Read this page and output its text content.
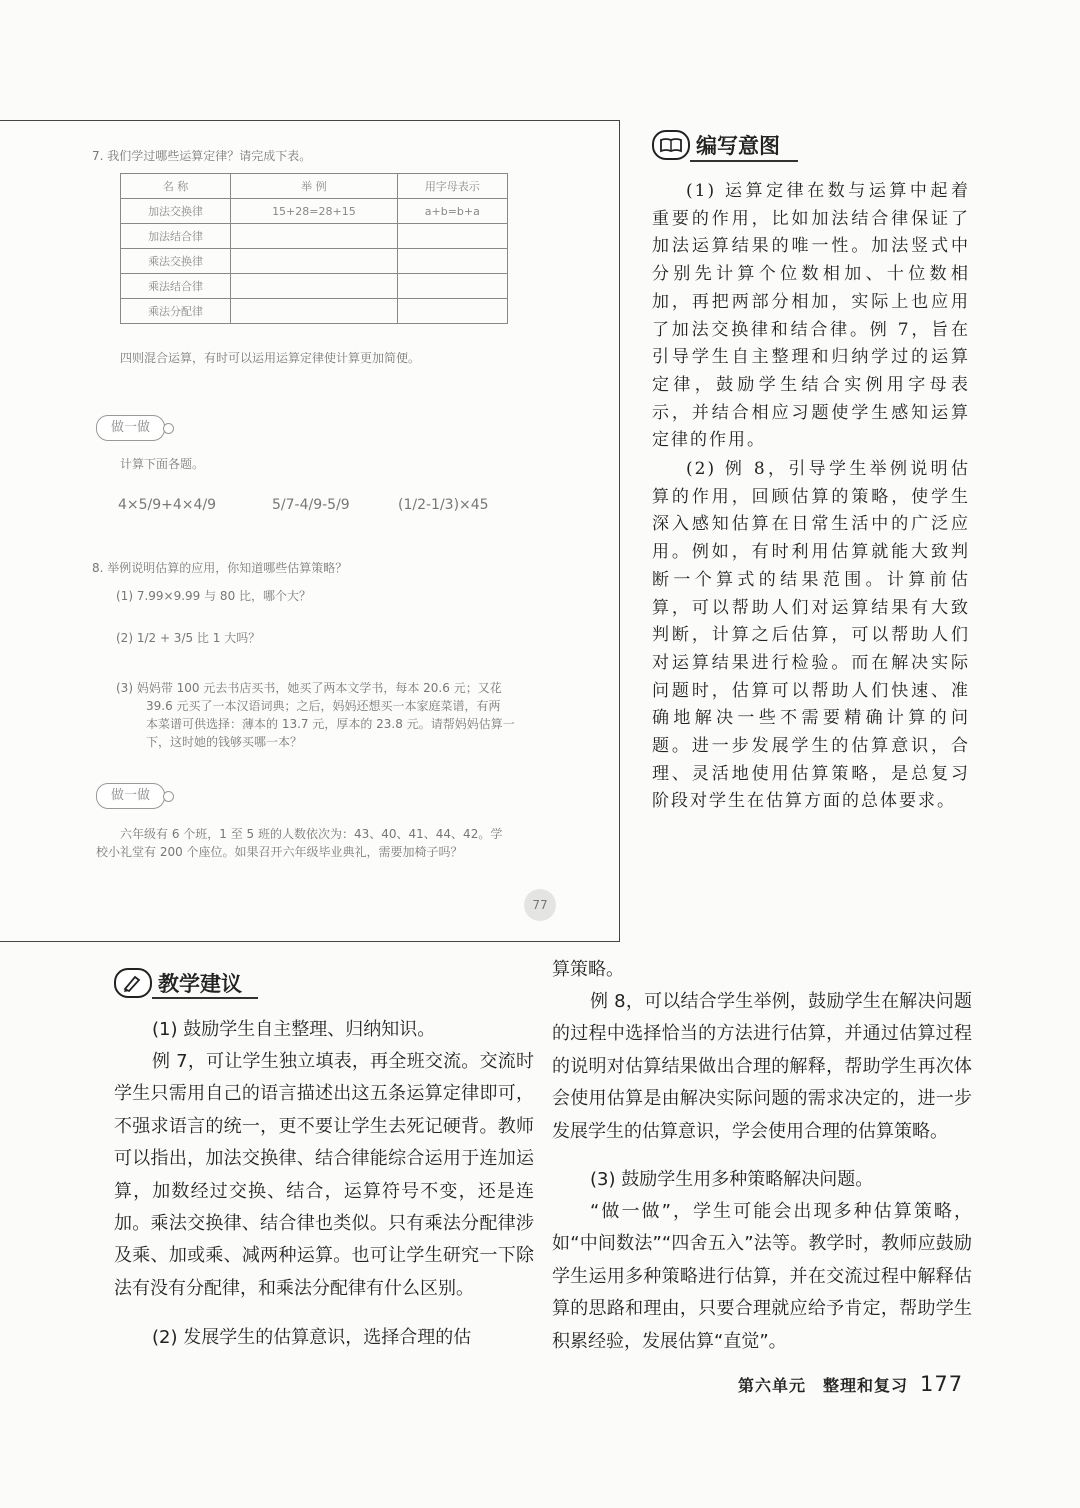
7. 我们学过哪些运算定律？请完成下表。
名 称	举 例	用字母表示
加法交换律	15+28=28+15	a+b=b+a
加法结合律		
乘法交换律		
乘法结合律		
乘法分配律		
四则混合运算，有时可以运用运算定律使计算更加简便。
做一做
计算下面各题。
4×5/9+4×4/9	5/7-4/9-5/9	(1/2-1/3)×45
8. 举例说明估算的应用，你知道哪些估算策略？
(1) 7.99×9.99 与 80 比，哪个大？
(2) 1/2 + 3/5 比 1 大吗？
(3) 妈妈带 100 元去书店买书，她买了两本文学书，每本 20.6 元；又花
39.6 元买了一本汉语词典；之后，妈妈还想买一本家庭菜谱，有两
本菜谱可供选择：薄本的 13.7 元，厚本的 23.8 元。请帮妈妈估算一
下，这时她的钱够买哪一本？
做一做
六年级有 6 个班，1 至 5 班的人数依次为：43、40、41、44、42。学
校小礼堂有 200 个座位。如果召开六年级毕业典礼，需要加椅子吗？
77
编写意图

(1) 运算定律在数与运算中起着重要的作用，比如加法结合律保证了加法运算结果的唯一性。加法竖式中分别先计算个位数相加、十位数相加，再把两部分相加，实际上也应用了加法交换律和结合律。例 7，旨在引导学生自主整理和归纳学过的运算定律，鼓励学生结合实例用字母表示，并结合相应习题使学生感知运算定律的作用。

(2) 例 8，引导学生举例说明估算的作用，回顾估算的策略，使学生深入感知估算在日常生活中的广泛应用。例如，有时利用估算就能大致判断一个算式的结果范围。计算前估算，可以帮助人们对运算结果有大致判断，计算之后估算，可以帮助人们对运算结果进行检验。而在解决实际问题时，估算可以帮助人们快速、准确地解决一些不需要精确计算的问题。进一步发展学生的估算意识，合理、灵活地使用估算策略，是总复习阶段对学生在估算方面的总体要求。

教学建议

(1) 鼓励学生自主整理、归纳知识。

例 7，可让学生独立填表，再全班交流。交流时学生只需用自己的语言描述出这五条运算定律即可，不强求语言的统一，更不要让学生去死记硬背。教师可以指出，加法交换律、结合律能综合运用于连加运算，加数经过交换、结合，运算符号不变，还是连加。乘法交换律、结合律也类似。只有乘法分配律涉及乘、加或乘、减两种运算。也可让学生研究一下除法有没有分配律，和乘法分配律有什么区别。

(2) 发展学生的估算意识，选择合理的估

算策略。

例 8，可以结合学生举例，鼓励学生在解决问题的过程中选择恰当的方法进行估算，并通过估算过程的说明对估算结果做出合理的解释，帮助学生再次体会使用估算是由解决实际问题的需求决定的，进一步发展学生的估算意识，学会使用合理的估算策略。

(3) 鼓励学生用多种策略解决问题。

“做一做”，学生可能会出现多种估算策略，如“中间数法”“四舍五入”法等。教学时，教师应鼓励学生运用多种策略进行估算，并在交流过程中解释估算的思路和理由，只要合理就应给予肯定，帮助学生积累经验，发展估算“直觉”。

第六单元　整理和复习 177
